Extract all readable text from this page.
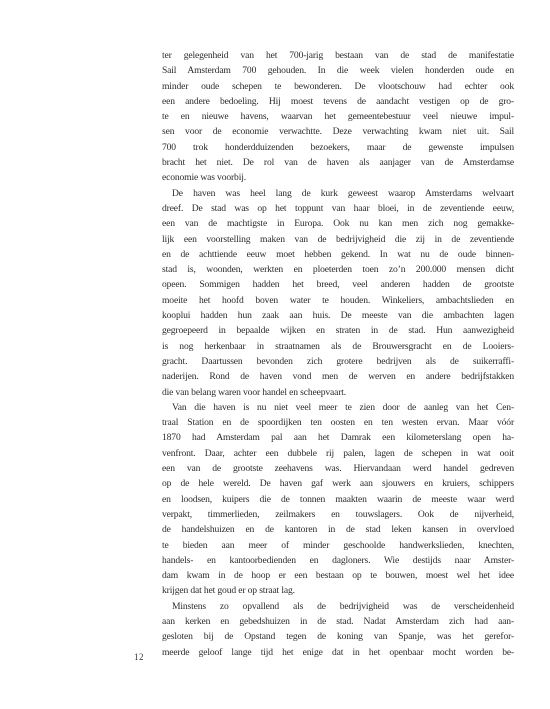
ter gelegenheid van het 700-jarig bestaan van de stad de manifestatie
Sail Amsterdam 700 gehouden. In die week vielen honderden oude en
minder oude schepen te bewonderen. De vlootschouw had echter ook
een andere bedoeling. Hij moest tevens de aandacht vestigen op de gro-
te en nieuwe havens, waarvan het gemeentebestuur veel nieuwe impul-
sen voor de economie verwachtte. Deze verwachting kwam niet uit. Sail
700 trok honderdduizenden bezoekers, maar de gewenste impulsen
bracht het niet. De rol van de haven als aanjager van de Amsterdamse
economie was voorbij.
De haven was heel lang de kurk geweest waarop Amsterdams welvaart
dreef. De stad was op het toppunt van haar bloei, in de zeventiende eeuw,
een van de machtigste in Europa. Ook nu kan men zich nog gemakke-
lijk een voorstelling maken van de bedrijvigheid die zij in de zeventiende
en de achttiende eeuw moet hebben gekend. In wat nu de oude binnen-
stad is, woonden, werkten en ploeterden toen zo’n 200.000 mensen dicht
opeen. Sommigen hadden het breed, veel anderen hadden de grootste
moeite het hoofd boven water te houden. Winkeliers, ambachtslieden en
kooplui hadden hun zaak aan huis. De meeste van die ambachten lagen
gegroepeerd in bepaalde wijken en straten in de stad. Hun aanwezigheid
is nog herkenbaar in straatnamen als de Brouwersgracht en de Looiers-
gracht. Daartussen bevonden zich grotere bedrijven als de suikerraffi-
naderijen. Rond de haven vond men de werven en andere bedrijfstakken
die van belang waren voor handel en scheepvaart.
Van die haven is nu niet veel meer te zien door de aanleg van het Cen-
traal Station en de spoordijken ten oosten en ten westen ervan. Maar vóór
1870 had Amsterdam pal aan het Damrak een kilometerslang open ha-
venfront. Daar, achter een dubbele rij palen, lagen de schepen in wat ooit
een van de grootste zeehavens was. Hiervandaan werd handel gedreven
op de hele wereld. De haven gaf werk aan sjouwers en kruiers, schippers
en loodsen, kuipers die de tonnen maakten waarin de meeste waar werd
verpakt, timmerlieden, zeilmakers en touwslagers. Ook de nijverheid,
de handelshuizen en de kantoren in de stad leken kansen in overvloed
te bieden aan meer of minder geschoolde handwerkslieden, knechten,
handels- en kantoorbedienden en dagloners. Wie destijds naar Amster-
dam kwam in de hoop er een bestaan op te bouwen, moest wel het idee
krijgen dat het goud er op straat lag.
Minstens zo opvallend als de bedrijvigheid was de verscheidenheid
aan kerken en gebedshuizen in de stad. Nadat Amsterdam zich had aan-
gesloten bij de Opstand tegen de koning van Spanje, was het gerefor-
meerde geloof lange tijd het enige dat in het openbaar mocht worden be-
12
